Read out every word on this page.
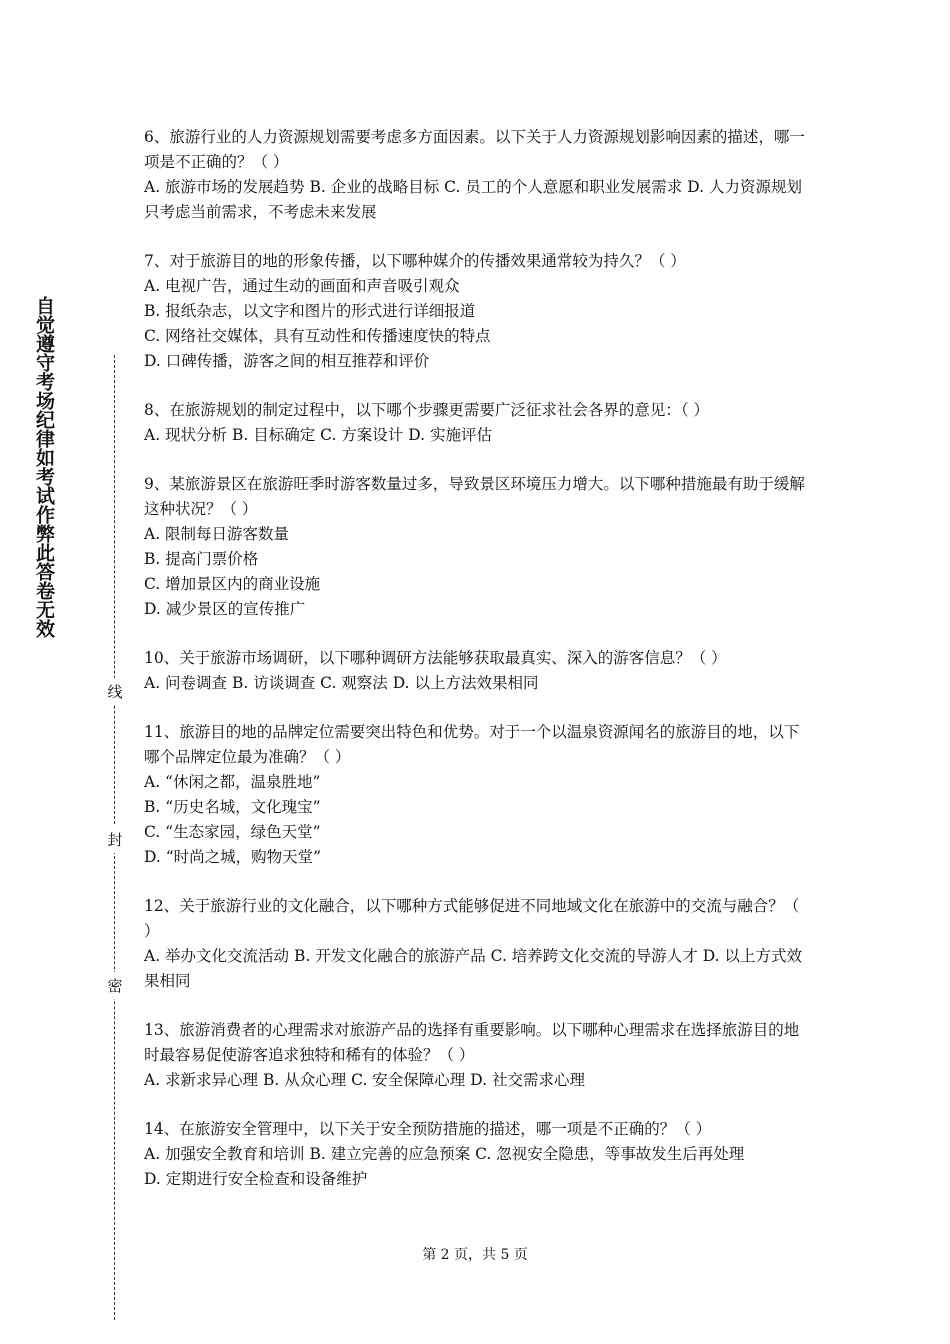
自觉遵守考场纪律如考试作弊此答卷无效
线
封
密

6、旅游行业的人力资源规划需要考虑多方面因素。以下关于人力资源规划影响因素的描述，哪一项是不正确的？（ ）

A. 旅游市场的发展趋势 B. 企业的战略目标 C. 员工的个人意愿和职业发展需求 D. 人力资源规划只考虑当前需求，不考虑未来发展

7、对于旅游目的地的形象传播，以下哪种媒介的传播效果通常较为持久？（ ）

A. 电视广告，通过生动的画面和声音吸引观众

B. 报纸杂志，以文字和图片的形式进行详细报道

C. 网络社交媒体，具有互动性和传播速度快的特点

D. 口碑传播，游客之间的相互推荐和评价

8、在旅游规划的制定过程中，以下哪个步骤更需要广泛征求社会各界的意见：（ ）

A. 现状分析 B. 目标确定 C. 方案设计 D. 实施评估

9、某旅游景区在旅游旺季时游客数量过多，导致景区环境压力增大。以下哪种措施最有助于缓解这种状况？（ ）

A. 限制每日游客数量

B. 提高门票价格

C. 增加景区内的商业设施

D. 减少景区的宣传推广

10、关于旅游市场调研，以下哪种调研方法能够获取最真实、深入的游客信息？（ ）

A. 问卷调查 B. 访谈调查 C. 观察法 D. 以上方法效果相同

11、旅游目的地的品牌定位需要突出特色和优势。对于一个以温泉资源闻名的旅游目的地，以下哪个品牌定位最为准确？（ ）

A. “休闲之都，温泉胜地”

B. “历史名城，文化瑰宝”

C. “生态家园，绿色天堂”

D. “时尚之城，购物天堂”

12、关于旅游行业的文化融合，以下哪种方式能够促进不同地域文化在旅游中的交流与融合？（ ）

A. 举办文化交流活动 B. 开发文化融合的旅游产品 C. 培养跨文化交流的导游人才 D. 以上方式效果相同

13、旅游消费者的心理需求对旅游产品的选择有重要影响。以下哪种心理需求在选择旅游目的地时最容易促使游客追求独特和稀有的体验？（ ）

A. 求新求异心理 B. 从众心理 C. 安全保障心理 D. 社交需求心理

14、在旅游安全管理中，以下关于安全预防措施的描述，哪一项是不正确的？（ ）

A. 加强安全教育和培训 B. 建立完善的应急预案 C. 忽视安全隐患，等事故发生后再处理

D. 定期进行安全检查和设备维护

第 2 页，共 5 页
